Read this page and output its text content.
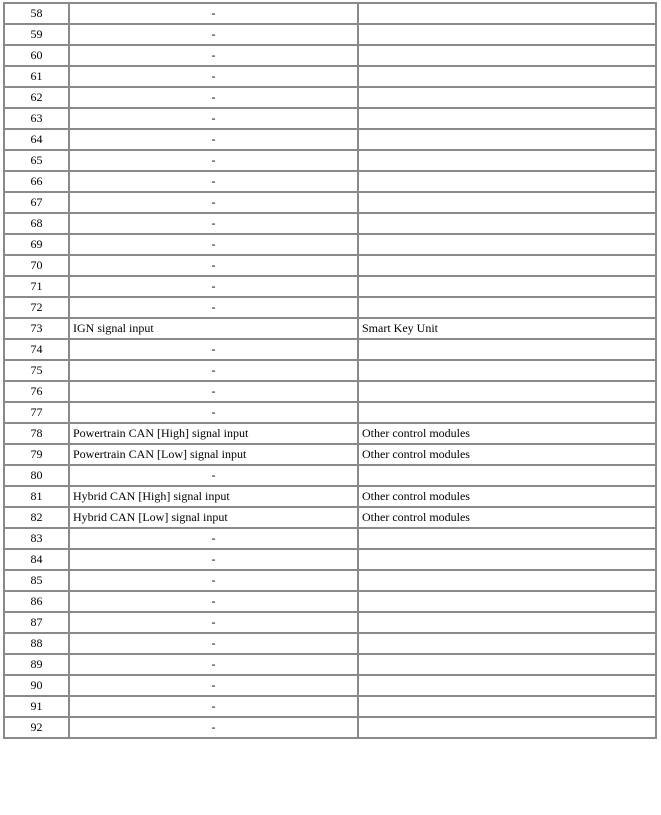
58	-	
59	-	
60	-	
61	-	
62	-	
63	-	
64	-	
65	-	
66	-	
67	-	
68	-	
69	-	
70	-	
71	-	
72	-	
73	IGN signal input	Smart Key Unit
74	-	
75	-	
76	-	
77	-	
78	Powertrain CAN [High] signal input	Other control modules
79	Powertrain CAN [Low] signal input	Other control modules
80	-	
81	Hybrid CAN [High] signal input	Other control modules
82	Hybrid CAN [Low] signal input	Other control modules
83	-	
84	-	
85	-	
86	-	
87	-	
88	-	
89	-	
90	-	
91	-	
92	-	
